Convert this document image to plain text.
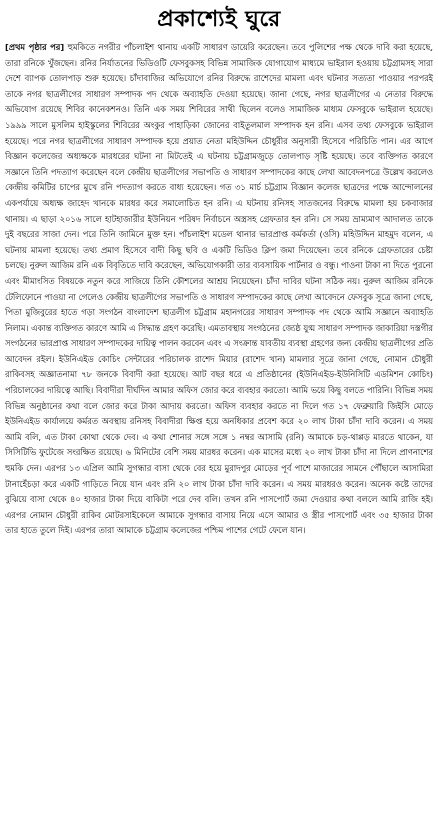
প্রকাশ্যেই ঘুরে
[প্রথম পৃষ্ঠার পর] হুমকিতে নগরীর পাঁচলাইশ থানায় একটি সাধারণ ডায়েরি করেছেন। তবে পুলিশের পক্ষ থেকে দাবি করা হয়েছে, তারা রনিকে খুঁজছেন। রনির নির্যাতনের ভিডিওটি ফেসবুকসহ বিভিন্ন সামাজিক যোগাযোগ মাধ্যমে ভাইরাল হওয়ায় চট্টগ্রামসহ সারা দেশে ব্যাপক তোলপাড় শুরু হয়েছে। চাঁদাবাজির অভিযোগে রনির বিরুদ্ধে রাশেদের মামলা এবং ঘটনার সত্যতা পাওয়ার পরপরই তাকে নগর ছাত্রলীগের সাধারণ সম্পাদক পদ থেকে অব্যাহতি দেওয়া হয়েছে। জানা গেছে, নগর ছাত্রলীগের এ নেতার বিরুদ্ধে অভিযোগ রয়েছে শিবির কানেকশনও। তিনি এক সময় শিবিরের সাথী ছিলেন বলেও সামাজিক মাধ্যম ফেসবুকে ভাইরাল হয়েছে। ১৯৯৯ সালে মুসলিম হাইস্কুলের শিবিরের অংকুর পাহাড়িকা জোনের বাইতুলমাল সম্পাদক হন রনি। এসব তথ্য ফেসবুকে ভাইরাল হয়েছে। পরে নগর ছাত্রলীগের সাধারণ সম্পাদক হয়ে প্রয়াত নেতা মহিউদ্দিন চৌধুরীর অনুসারী হিসেবে পরিচিতি পান। এর আগে বিজ্ঞান কলেজের অধ্যক্ষকে মারধরের ঘটনা না মিটতেই এ ঘটনায় চট্টগ্রামজুড়ে তোলপাড় সৃষ্টি হয়েছে। তবে ব্যক্তিগত কারণে সজ্ঞানে তিনি পদত্যাগ করেছেন বলে কেন্দ্রীয় ছাত্রলীগের সভাপতি ও সাধারণ সম্পাদকের কাছে লেখা আবেদনপত্রে উল্লেখ করলেও কেন্দ্রীয় কমিটির চাপের মুখে রনি পদত্যাগ করতে বাধ্য হয়েছেন। গত ৩১ মার্চ চট্টগ্রাম বিজ্ঞান কলেজ ছাত্রদের পক্ষে আন্দোলনের একপর্যায়ে অধ্যক্ষ জাহেদ খানকে মারধর করে সমালোচিত হন রনি। এ ঘটনায় রনিসহ সাতজনের বিরুদ্ধে মামলা হয় চকবাজার থানায়। এ ছাড়া ২০১৬ সালে হাটহাজারীর ইউনিয়ন পরিষদ নির্বাচনে অস্ত্রসহ গ্রেফতার হন রনি। সে সময় ভ্রাম্যমাণ আদালত তাকে দুই বছরের সাজা দেন। পরে তিনি জামিনে মুক্ত হন। পাঁচলাইশ মডেল থানার ভারপ্রাপ্ত কর্মকর্তা (ওসি) মহিউদ্দিন মাহমুদ বলেন, এ ঘটনায় মামলা হয়েছে। তথ্য প্রমাণ হিসেবে বাদী কিছু ছবি ও একটি ভিডিও ক্লিপ জমা দিয়েছেন। তবে রনিকে গ্রেফতারের চেষ্টা চলছে। নুরুল আজিম রনি এক বিবৃতিতে দাবি করেছেন, অভিযোগকারী তার ব্যবসায়িক পার্টনার ও বন্ধু। পাওনা টাকা না দিতে পুরনো এবং মীমাংসিত বিষয়কে নতুন করে সাজিয়ে তিনি কৌশলের আশ্রয় নিয়েছেন। চাঁদা দাবির ঘটনা সঠিক নয়। নুরুল আজিম রনিকে টেলিফোনে পাওয়া না গেলেও কেন্দ্রীয় ছাত্রলীগের সভাপতি ও সাধারণ সম্পাদকের কাছে লেখা আবেদনে ফেসবুক সূত্রে জানা গেছে, পিতা মুজিবুরের হাতে গড়া সংগঠন বাংলাদেশ ছাত্রলীগ চট্টগ্রাম মহানগরের সাধারণ সম্পাদক পদ থেকে আমি সজ্ঞানে অব্যাহতি নিলাম। একান্ত ব্যক্তিগত কারণে আমি এ সিদ্ধান্ত গ্রহণ করেছি। এমতাবস্থায় সংগঠনের জ্যেষ্ঠ যুগ্ম সাধারণ সম্পাদক জাকারিয়া দস্তগীর সংগঠনের ভারপ্রাপ্ত সাধারণ সম্পাদকের দায়িত্ব পালন করবেন এবং এ সংক্রান্ত যাবতীয় ব্যবস্থা গ্রহণের জন্য কেন্দ্রীয় ছাত্রলীগের প্রতি আবেদন রইল। ইউনিএইড কোচিং সেন্টারের পরিচালক রাশেদ মিয়ার (রাশেদ খান) মামলার সূত্রে জানা গেছে, নোমান চৌধুরী রাকিবসহ অজ্ঞাতনামা ৭৮ জনকে বিবাদী করা হয়েছে। আট বছর ধরে এ প্রতিষ্ঠানের (ইউনিএইড-ইউনিসিটি এডমিশন কোচিং) পরিচালকের দায়িত্বে আছি। বিবাদীরা দীর্ঘদিন আমার অফিস জোর করে ব্যবহার করতো। আমি ভয়ে কিছু বলতে পারিনি। বিভিন্ন সময় বিভিন্ন অনুষ্ঠানের কথা বলে জোর করে টাকা আদায় করতো। অফিস ব্যবহার করতে না দিলে গত ১৭ ফেব্রুয়ারি জিইসি মোড়ে ইউনিএইড কার্যালয়ে কর্মরত অবস্থায় রনিসহ বিবাদীরা ক্ষিপ্ত হয়ে অনধিকার প্রবেশ করে ২০ লাখ টাকা চাঁদা দাবি করেন। এ সময় আমি বলি, এত টাকা কোথা থেকে দেব। এ কথা শোনার সঙ্গে সঙ্গে ১ নম্বর আসামি (রনি) আমাকে চড়-থাপ্পড় মারতে থাকেন, যা সিসিটিভি ফুটেজে সংরক্ষিত রয়েছে। ৬ মিনিটের বেশি সময় মারধর করেন। এক মাসের মধ্যে ২০ লাখ টাকা চাঁদা না দিলে প্রাণনাশের হুমকি দেন। এরপর ১৩ এপ্রিল আমি সুগন্ধার বাসা থেকে বের হয়ে মুরাদপুর মোড়ের পূর্ব পাশে মাজারের সামনে পৌঁছালে আসামিরা টানাহেঁচড়া করে একটি গাড়িতে নিয়ে যান এবং রনি ২০ লাখ টাকা চাঁদা দাবি করেন। এ সময় মারধরও করেন। অনেক কষ্টে তাদের বুঝিয়ে বাসা থেকে ৪০ হাজার টাকা দিয়ে বাকিটা পরে দেব বলি। তখন রনি পাসপোর্ট জমা দেওয়ার কথা বললে আমি রাজি হই। এরপর নোমান চৌধুরী রাকিব মোটরসাইকেলে আমাকে সুগন্ধার বাসায় নিয়ে এসে আমার ও স্ত্রীর পাসপোর্ট এবং ৩৫ হাজার টাকা তার হাতে তুলে দিই। এরপর তারা আমাকে চট্টগ্রাম কলেজের পশ্চিম পাশের গেটে ফেলে যান।
